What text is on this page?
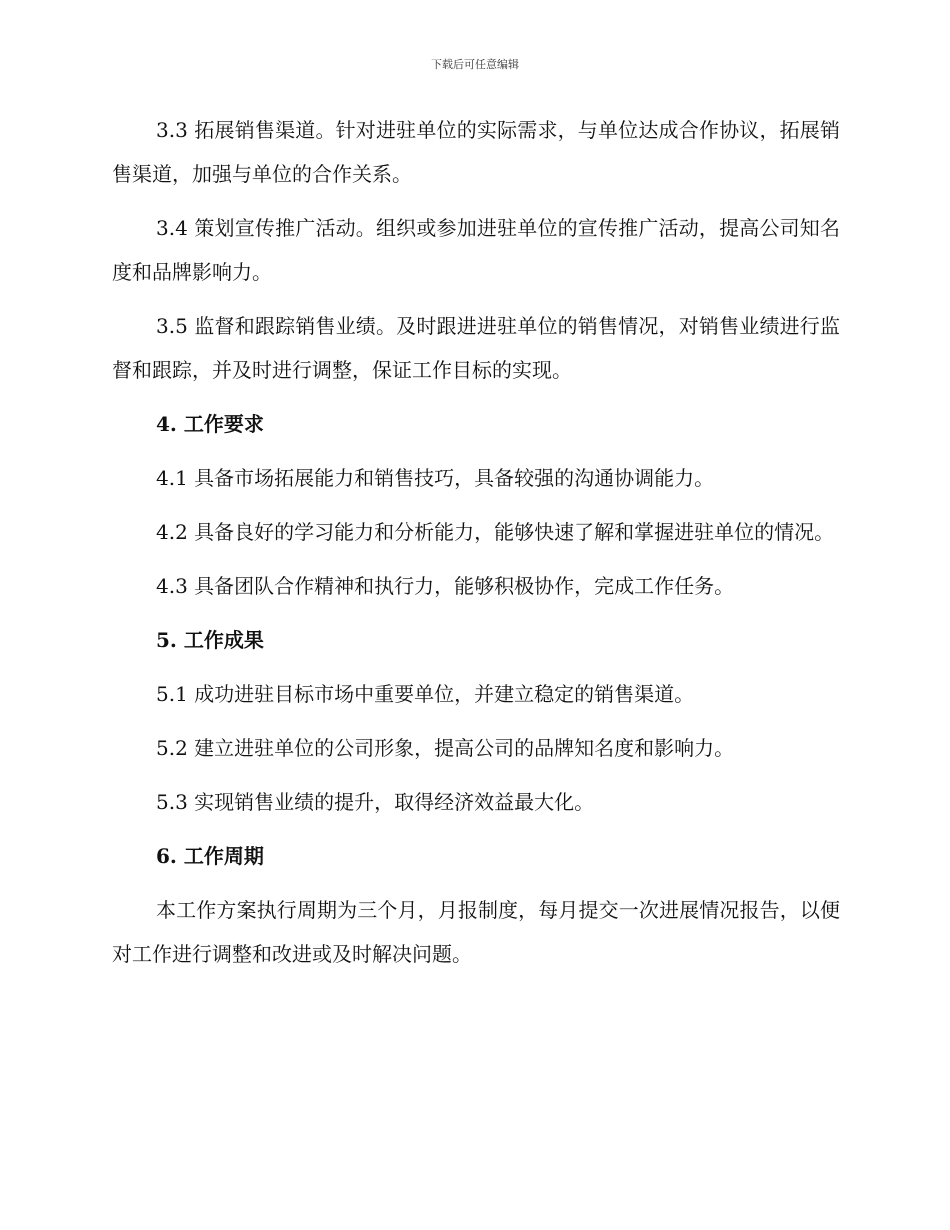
下载后可任意编辑

3.3 拓展销售渠道。针对进驻单位的实际需求，与单位达成合作协议，拓展销售渠道，加强与单位的合作关系。

3.4 策划宣传推广活动。组织或参加进驻单位的宣传推广活动，提高公司知名度和品牌影响力。

3.5 监督和跟踪销售业绩。及时跟进进驻单位的销售情况，对销售业绩进行监督和跟踪，并及时进行调整，保证工作目标的实现。

4. 工作要求

4.1 具备市场拓展能力和销售技巧，具备较强的沟通协调能力。

4.2 具备良好的学习能力和分析能力，能够快速了解和掌握进驻单位的情况。

4.3 具备团队合作精神和执行力，能够积极协作，完成工作任务。

5. 工作成果

5.1 成功进驻目标市场中重要单位，并建立稳定的销售渠道。

5.2 建立进驻单位的公司形象，提高公司的品牌知名度和影响力。

5.3 实现销售业绩的提升，取得经济效益最大化。

6. 工作周期

本工作方案执行周期为三个月，月报制度，每月提交一次进展情况报告，以便对工作进行调整和改进或及时解决问题。
